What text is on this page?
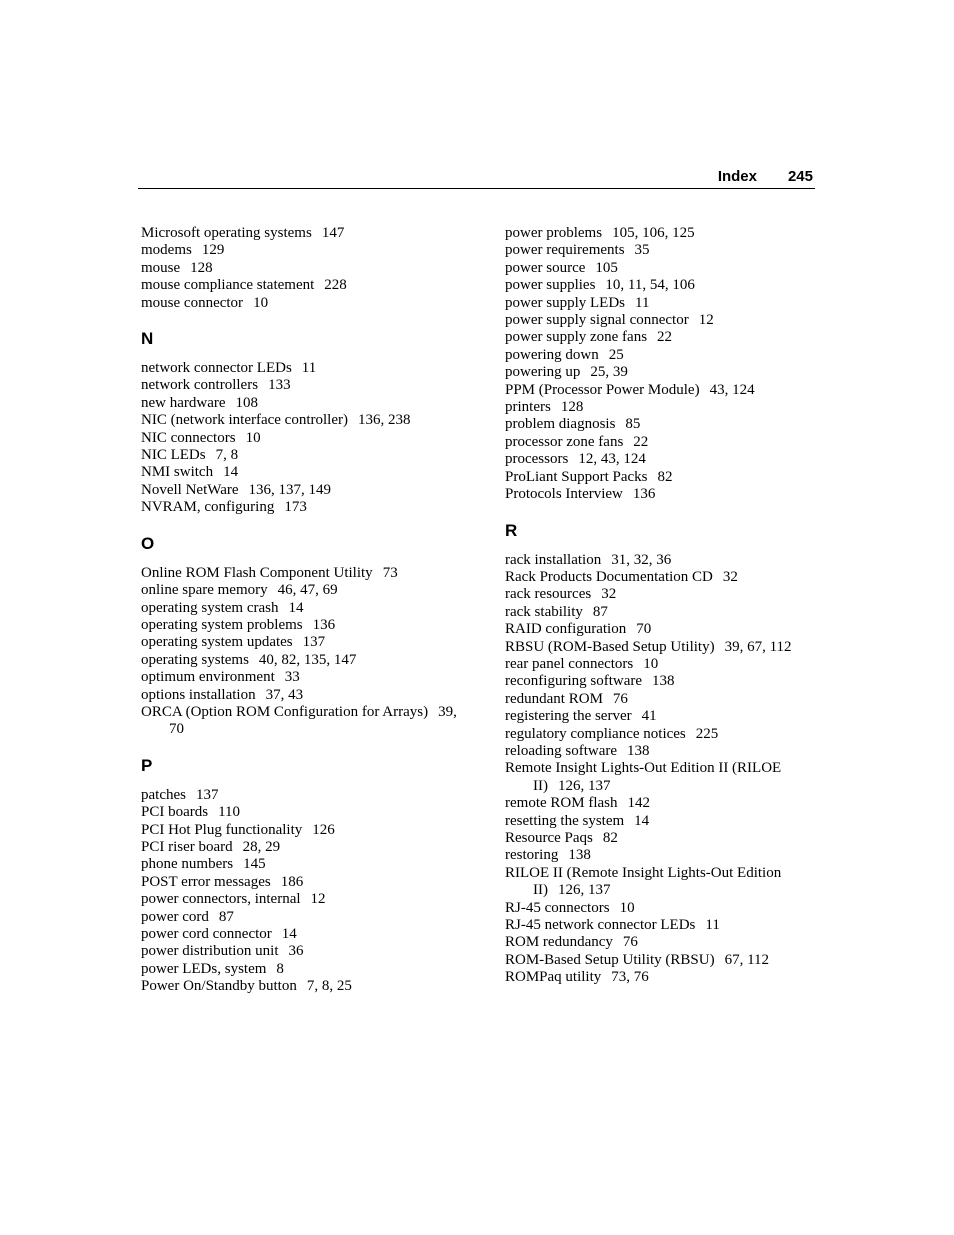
Index 245
Microsoft operating systems 147
modems 129
mouse 128
mouse compliance statement 228
mouse connector 10
N
network connector LEDs 11
network controllers 133
new hardware 108
NIC (network interface controller) 136, 238
NIC connectors 10
NIC LEDs 7, 8
NMI switch 14
Novell NetWare 136, 137, 149
NVRAM, configuring 173
O
Online ROM Flash Component Utility 73
online spare memory 46, 47, 69
operating system crash 14
operating system problems 136
operating system updates 137
operating systems 40, 82, 135, 147
optimum environment 33
options installation 37, 43
ORCA (Option ROM Configuration for Arrays) 39, 70
P
patches 137
PCI boards 110
PCI Hot Plug functionality 126
PCI riser board 28, 29
phone numbers 145
POST error messages 186
power connectors, internal 12
power cord 87
power cord connector 14
power distribution unit 36
power LEDs, system 8
Power On/Standby button 7, 8, 25
power problems 105, 106, 125
power requirements 35
power source 105
power supplies 10, 11, 54, 106
power supply LEDs 11
power supply signal connector 12
power supply zone fans 22
powering down 25
powering up 25, 39
PPM (Processor Power Module) 43, 124
printers 128
problem diagnosis 85
processor zone fans 22
processors 12, 43, 124
ProLiant Support Packs 82
Protocols Interview 136
R
rack installation 31, 32, 36
Rack Products Documentation CD 32
rack resources 32
rack stability 87
RAID configuration 70
RBSU (ROM-Based Setup Utility) 39, 67, 112
rear panel connectors 10
reconfiguring software 138
redundant ROM 76
registering the server 41
regulatory compliance notices 225
reloading software 138
Remote Insight Lights-Out Edition II (RILOE II) 126, 137
remote ROM flash 142
resetting the system 14
Resource Paqs 82
restoring 138
RILOE II (Remote Insight Lights-Out Edition II) 126, 137
RJ-45 connectors 10
RJ-45 network connector LEDs 11
ROM redundancy 76
ROM-Based Setup Utility (RBSU) 67, 112
ROMPaq utility 73, 76
